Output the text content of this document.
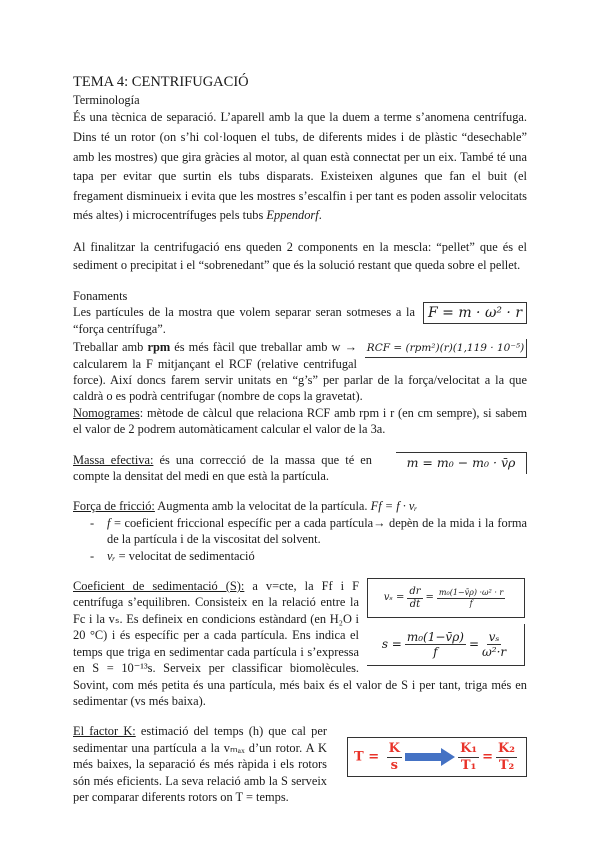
TEMA 4: CENTRIFUGACIÓ
Terminología
És una tècnica de separació. L’aparell amb la que la duem a terme s’anomena centrífuga. Dins té un rotor (on s’hi col·loquen el tubs, de diferents mides i de plàstic “desechable” amb les mostres) que gira gràcies al motor, al quan està connectat per un eix. També té una tapa per evitar que surtin els tubs disparats. Existeixen algunes que fan el buit (el fregament disminueix i evita que les mostres s’escalfin i per tant es poden assolir velocitats més altes) i microcentrífuges pels tubs Eppendorf.
Al finalitzar la centrifugació ens queden 2 components en la mescla: “pellet” que és el sediment o precipitat i el “sobrenedant” que és la solució restant que queda sobre el pellet.
Fonaments
F = m · ω² · r
Les partícules de la mostra que volem separar seran sotmeses a la “força centrífuga”.
RCF = (rpm²)(r)(1,119 · 10⁻⁵)
Treballar amb rpm és més fàcil que treballar amb w → calcularem la F mitjançant el RCF (relative centrifugal force). Així doncs farem servir unitats en “g’s” per parlar de la força/velocitat a la que caldrà o es podrà centrifugar (nombre de cops la gravetat).
Nomogrames: mètode de càlcul que relaciona RCF amb rpm i r (en cm sempre), si sabem el valor de 2 podrem automàticament calcular el valor de la 3a.
m = m₀ − m₀ · v̄ρ
Massa efectiva: és una correcció de la massa que té en compte la densitat del medi en que està la partícula.
Força de fricció: Augmenta amb la velocitat de la partícula. Ff = f · vᵣ
- f = coeficient friccional específic per a cada partícula→ depèn de la mida i la forma de la partícula i de la viscositat del solvent.
- vᵣ = velocitat de sedimentació
$v_s = \frac{dr}{dt} = \frac{\text{m₀(1−v̄ρ) ·ω² · r}}{f}$
$s = \frac{\text{m₀(1−v̄ρ)}}{f} = \frac{\text{vₛ}}{\text{ω²·r}}$
Coeficient de sedimentació (S): a v=cte, la Ff i F centrífuga s’equilibren. Consisteix en la relació entre la Fc i la vₛ. Es defineix en condicions estàndard (en H₂O i 20 °C) i és específic per a cada partícula. Ens indica el temps que triga en sedimentar cada partícula i s’expressa en S = 10⁻¹³s. Serveix per classificar biomolècules. Sovint, com més petita és una partícula, més baix és el valor de S i per tant, triga més en sedimentar (vs més baixa).
$T = \frac{K}{s}$	$\frac{\text{K₁}}{\text{T₁}} = \frac{\text{K₂}}{\text{T₂}}$
El factor K: estimació del temps (h) que cal per sedimentar una partícula a la vₘₐₓ d’un rotor. A K més baixes, la separació és més ràpida i els rotors són més eficients. La seva relació amb la S serveix per comparar diferents rotors on T = temps.
